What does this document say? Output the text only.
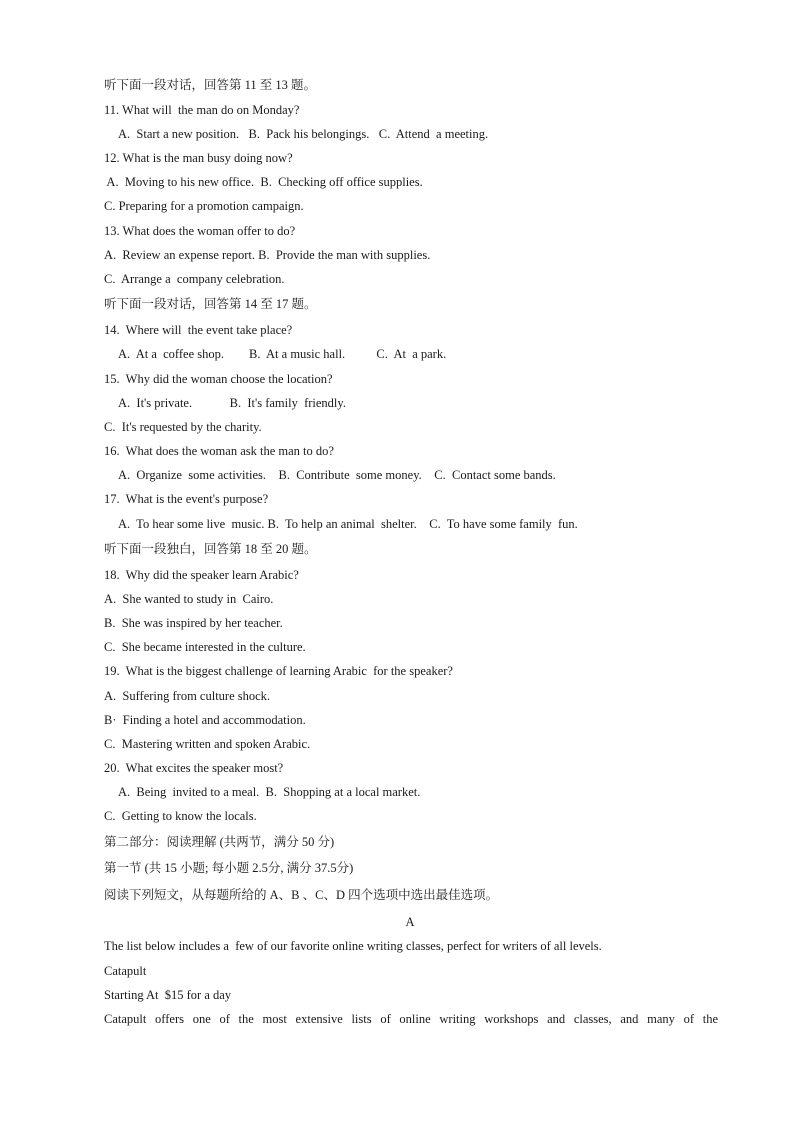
听下面一段对话，回答第 11 至 13 题。
11. What will  the man do on Monday?
A.  Start a new position.   B.  Pack his belongings.   C.  Attend  a meeting.
12. What is the man busy doing now?
A.  Moving to his new office.  B.  Checking off office supplies.
C. Preparing for a promotion campaign.
13. What does the woman offer to do?
A.  Review an expense report. B.  Provide the man with supplies.
C.  Arrange a  company celebration.
听下面一段对话，回答第 14 至 17 题。
14.  Where will  the event take place?
A.  At a  coffee shop.        B.  At a music hall.          C.  At  a park.
15.  Why did the woman choose the location?
A.  It's private.            B.  It's family  friendly.
C.  It's requested by the charity.
16.  What does the woman ask the man to do?
A.  Organize  some activities.    B.  Contribute  some money.    C.  Contact some bands.
17.  What is the event's purpose?
A.  To hear some live  music. B.  To help an animal  shelter.    C.  To have some family  fun.
听下面一段独白，回答第 18 至 20 题。
18.  Why did the speaker learn Arabic?
A.  She wanted to study in  Cairo.
B.  She was inspired by her teacher.
C.  She became interested in the culture.
19.  What is the biggest challenge of learning Arabic  for the speaker?
A.  Suffering from culture shock.
B·  Finding a hotel and accommodation.
C.  Mastering written and spoken Arabic.
20.  What excites the speaker most?
A.  Being  invited to a meal.  B.  Shopping at a local market.
C.  Getting to know the locals.
第二部分：阅读理解 (共两节，满分 50 分)
第一节 (共 15 小题; 每小题 2.5分, 满分 37.5分)
阅读下列短文，从每题所给的 A、B 、C、D 四个选项中选出最佳选项。
A
The list below includes a  few of our favorite online writing classes, perfect for writers of all levels.
Catapult
Starting At  $15 for a day
Catapult offers one of the most extensive lists of online writing workshops and classes, and many of the
